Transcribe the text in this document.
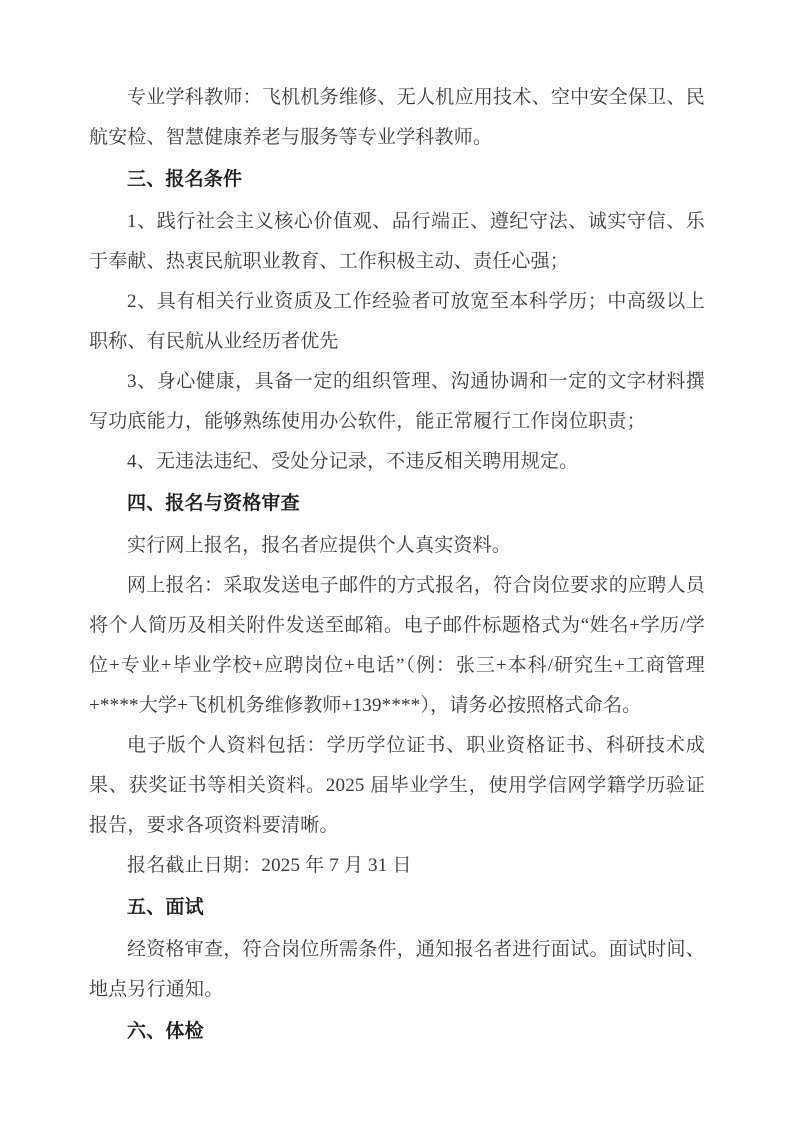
专业学科教师：飞机机务维修、无人机应用技术、空中安全保卫、民航安检、智慧健康养老与服务等专业学科教师。

三、报名条件

1、践行社会主义核心价值观、品行端正、遵纪守法、诚实守信、乐于奉献、热衷民航职业教育、工作积极主动、责任心强；

2、具有相关行业资质及工作经验者可放宽至本科学历；中高级以上职称、有民航从业经历者优先

3、身心健康，具备一定的组织管理、沟通协调和一定的文字材料撰写功底能力，能够熟练使用办公软件，能正常履行工作岗位职责；

4、无违法违纪、受处分记录，不违反相关聘用规定。

四、报名与资格审查

实行网上报名，报名者应提供个人真实资料。

网上报名：采取发送电子邮件的方式报名，符合岗位要求的应聘人员将个人简历及相关附件发送至邮箱。电子邮件标题格式为“姓名+学历/学位+专业+毕业学校+应聘岗位+电话”（例：张三+本科/研究生+工商管理+****大学+飞机机务维修教师+139****），请务必按照格式命名。

电子版个人资料包括：学历学位证书、职业资格证书、科研技术成果、获奖证书等相关资料。2025 届毕业学生，使用学信网学籍学历验证报告，要求各项资料要清晰。

报名截止日期：2025 年 7 月 31 日

五、面试

经资格审查，符合岗位所需条件，通知报名者进行面试。面试时间、地点另行通知。

六、体检
